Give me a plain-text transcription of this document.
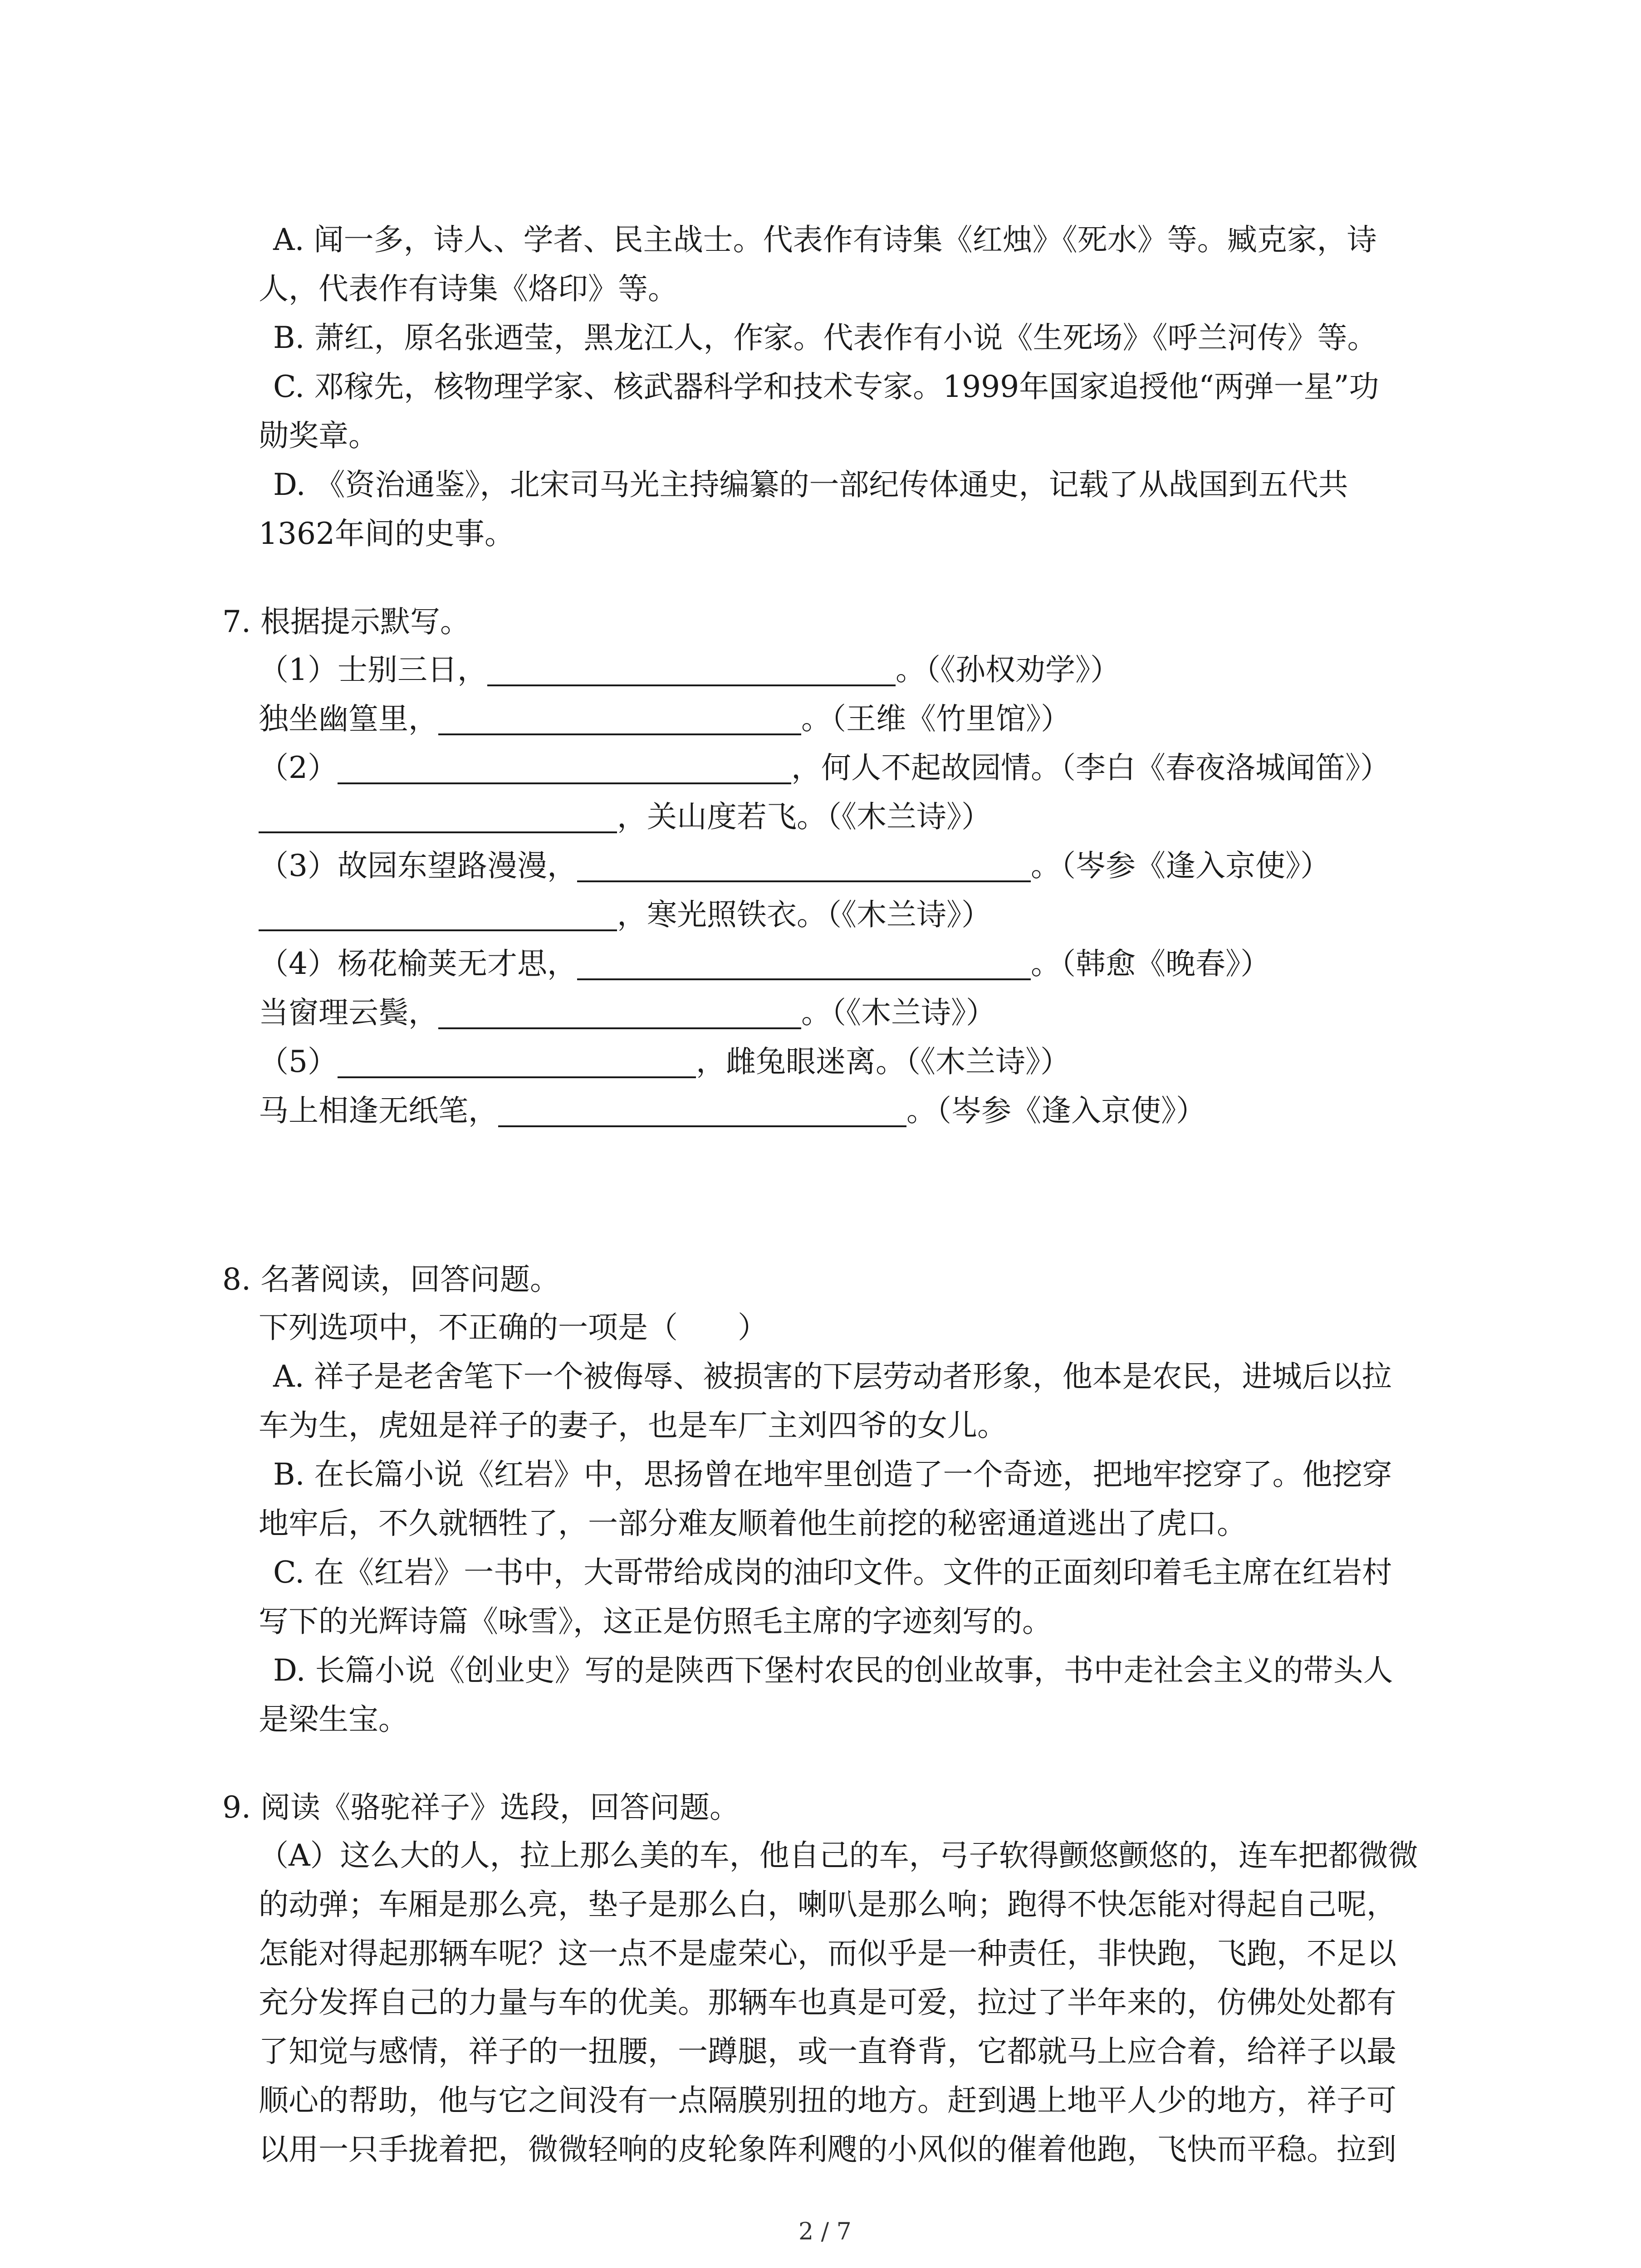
A. 闻一多，诗人、学者、民主战士。代表作有诗集《红烛》《死水》等。臧克家，诗
人，代表作有诗集《烙印》等。
B. 萧红，原名张迺莹，黑龙江人，作家。代表作有小说《生死场》《呼兰河传》等。
C. 邓稼先，核物理学家、核武器科学和技术专家。1999年国家追授他“两弹一星”功
勋奖章。
D. 《资治通鉴》，北宋司马光主持编纂的一部纪传体通史，记载了从战国到五代共
1362年间的史事。
7. 根据提示默写。
（1）士别三日，	。（《孙权劝学》）
独坐幽篁里，	。（王维《竹里馆》）
（2）	，何人不起故园情。（李白《春夜洛城闻笛》）
，关山度若飞。（《木兰诗》）
（3）故园东望路漫漫，	。（岑参《逢入京使》）
，寒光照铁衣。（《木兰诗》）
（4）杨花榆荚无才思，	。（韩愈《晚春》）
当窗理云鬓，	。（《木兰诗》）
（5）	，雌兔眼迷离。（《木兰诗》）
马上相逢无纸笔，	。（岑参《逢入京使》）
8. 名著阅读，回答问题。
下列选项中，不正确的一项是（　　）
A. 祥子是老舍笔下一个被侮辱、被损害的下层劳动者形象，他本是农民，进城后以拉
车为生，虎妞是祥子的妻子，也是车厂主刘四爷的女儿。
B. 在长篇小说《红岩》中，思扬曾在地牢里创造了一个奇迹，把地牢挖穿了。他挖穿
地牢后，不久就牺牲了，一部分难友顺着他生前挖的秘密通道逃出了虎口。
C. 在《红岩》一书中，大哥带给成岗的油印文件。文件的正面刻印着毛主席在红岩村
写下的光辉诗篇《咏雪》，这正是仿照毛主席的字迹刻写的。
D. 长篇小说《创业史》写的是陕西下堡村农民的创业故事，书中走社会主义的带头人
是梁生宝。
9. 阅读《骆驼祥子》选段，回答问题。
（A）这么大的人，拉上那么美的车，他自己的车，弓子软得颤悠颤悠的，连车把都微微
的动弹；车厢是那么亮，垫子是那么白，喇叭是那么响；跑得不快怎能对得起自己呢，
怎能对得起那辆车呢？这一点不是虚荣心，而似乎是一种责任，非快跑，飞跑，不足以
充分发挥自己的力量与车的优美。那辆车也真是可爱，拉过了半年来的，仿佛处处都有
了知觉与感情，祥子的一扭腰，一蹲腿，或一直脊背，它都就马上应合着，给祥子以最
顺心的帮助，他与它之间没有一点隔膜别扭的地方。赶到遇上地平人少的地方，祥子可
以用一只手拢着把，微微轻响的皮轮象阵利飕的小风似的催着他跑，飞快而平稳。拉到
2 / 7
